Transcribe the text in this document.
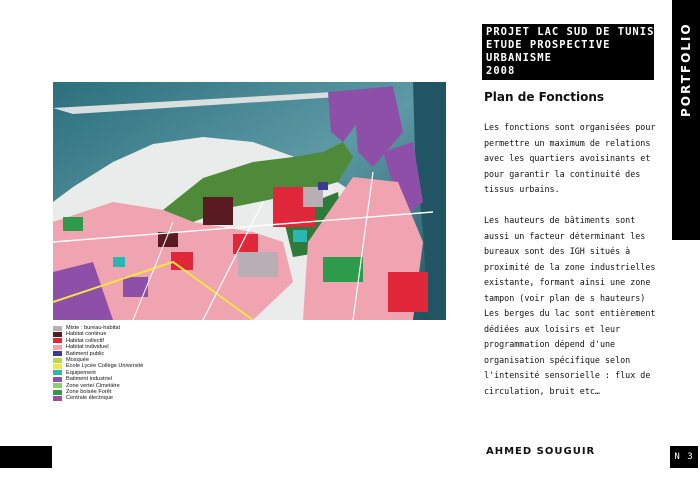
PROJET LAC SUD DE TUNIS
ETUDE PROSPECTIVE
URBANISME
2008	PORTFOLIO
Plan de Fonctions

Les fonctions sont organisées pour permettre un maximum de relations avec les quartiers avoisinants et pour garantir la continuité des tissus urbains.

Les hauteurs de bâtiments sont aussi un facteur déterminant les bureaux sont des IGH situés à proximité de la zone industrielles existante, formant ainsi une zone tampon (voir plan de s hauteurs)

Les berges du lac sont entièrement dédiées aux loisirs et leur programmation dépend d'une organisation spécifique selon l'intensité sensorielle : flux de circulation, bruit etc…

Mixte : bureau-habitat
Habitat continue
Habitat collectif
Habitat individuel
Batiment public
Mosquée
Ecole Lycée Collège Université
Equipement
Batiment industriel
Zone verte/ Cimetière
Zone boisée Forêt
Centrale électrique
AHMED SOUGUIR	N 3
